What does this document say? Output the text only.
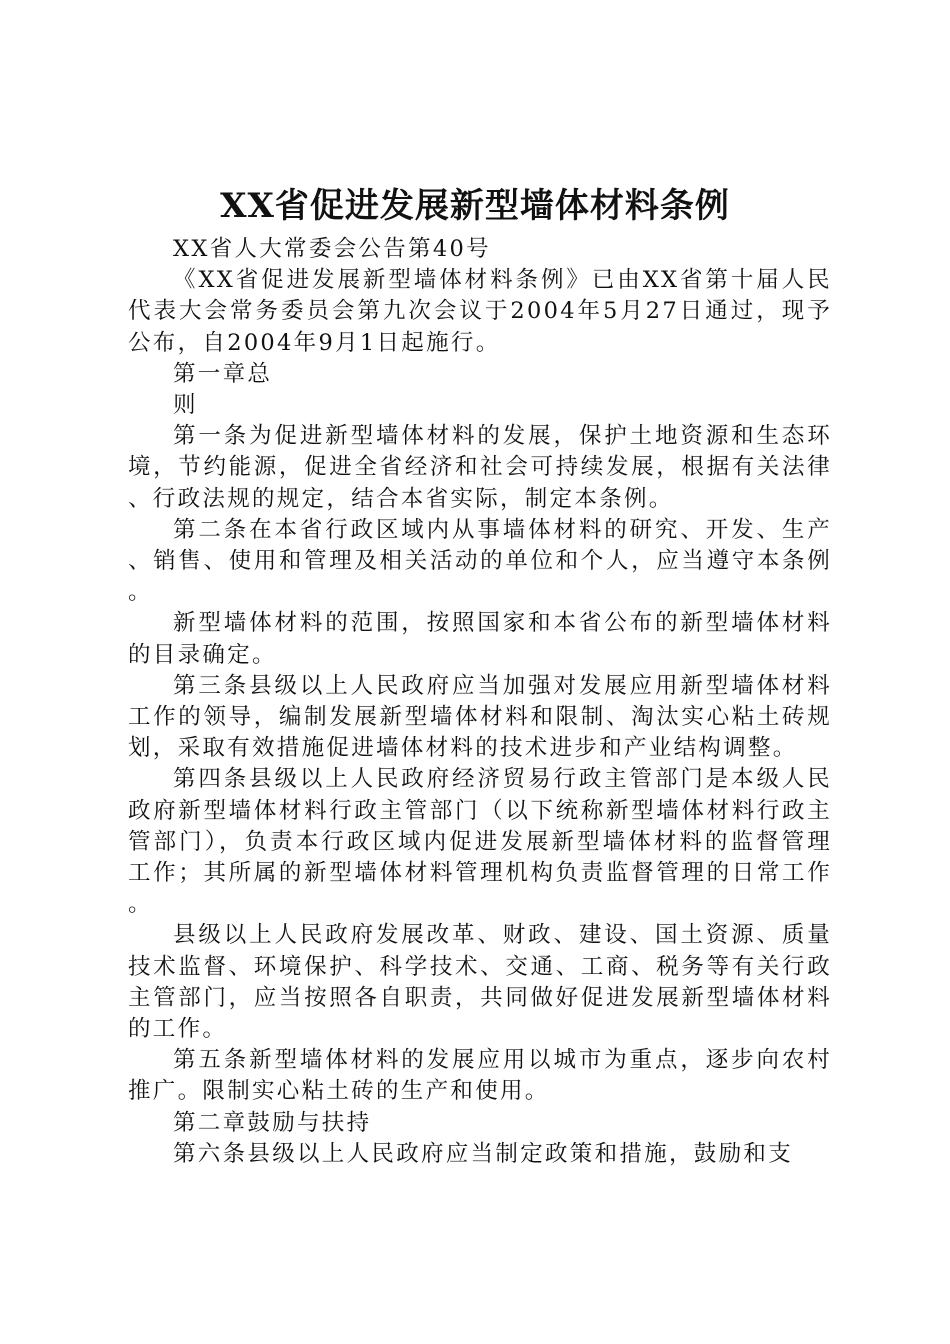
XX省促进发展新型墙体材料条例

XX省人大常委会公告第40号

《XX省促进发展新型墙体材料条例》已由XX省第十届人民代表大会常务委员会第九次会议于2004年5月27日通过，现予公布，自2004年9月1日起施行。

第一章总

则

第一条为促进新型墙体材料的发展，保护土地资源和生态环境，节约能源，促进全省经济和社会可持续发展，根据有关法律、行政法规的规定，结合本省实际，制定本条例。

第二条在本省行政区域内从事墙体材料的研究、开发、生产、销售、使用和管理及相关活动的单位和个人，应当遵守本条例。

新型墙体材料的范围，按照国家和本省公布的新型墙体材料的目录确定。

第三条县级以上人民政府应当加强对发展应用新型墙体材料工作的领导，编制发展新型墙体材料和限制、淘汰实心粘土砖规划，采取有效措施促进墙体材料的技术进步和产业结构调整。

第四条县级以上人民政府经济贸易行政主管部门是本级人民政府新型墙体材料行政主管部门（以下统称新型墙体材料行政主管部门），负责本行政区域内促进发展新型墙体材料的监督管理工作；其所属的新型墙体材料管理机构负责监督管理的日常工作。

县级以上人民政府发展改革、财政、建设、国土资源、质量技术监督、环境保护、科学技术、交通、工商、税务等有关行政主管部门，应当按照各自职责，共同做好促进发展新型墙体材料的工作。

第五条新型墙体材料的发展应用以城市为重点，逐步向农村推广。限制实心粘土砖的生产和使用。

第二章鼓励与扶持

第六条县级以上人民政府应当制定政策和措施，鼓励和支
